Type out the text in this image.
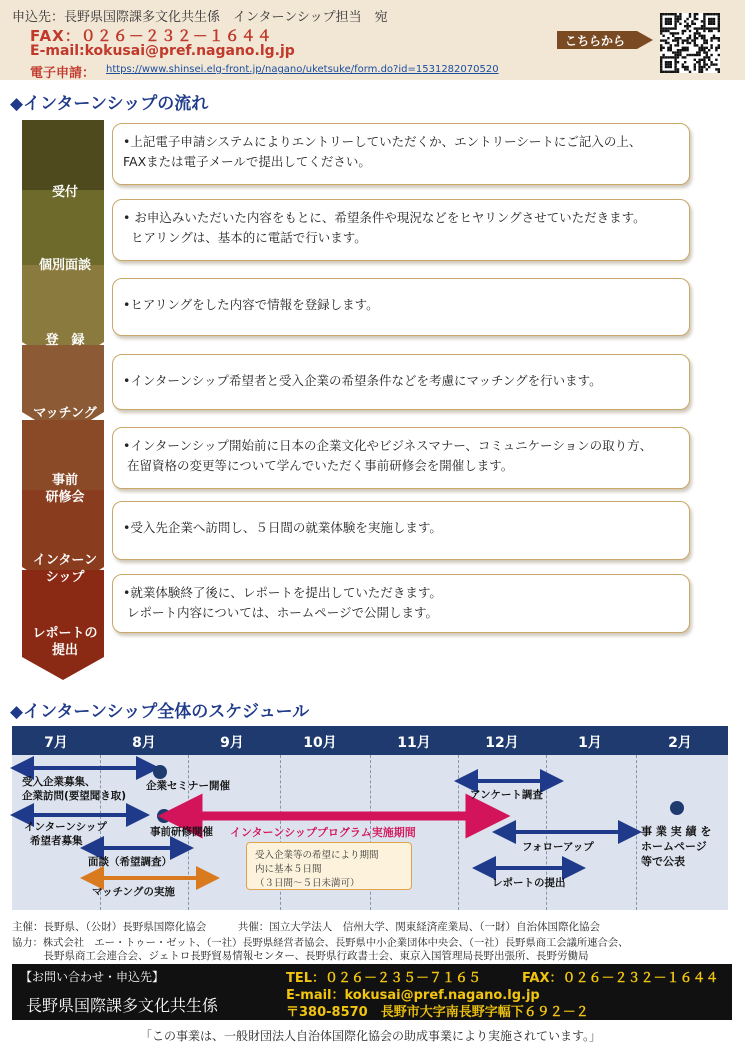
申込先：長野県国際課多文化共生係　インターンシップ担当　宛
FAX：０２６－２３２－１６４４
E-mail:kokusai@pref.nagano.lg.jp
電子申請： https://www.shinsei.elg-front.jp/nagano/uketsuke/form.do?id=1531282070520
こちらから
◆インターンシップの流れ
受付
個別面談
登　録
マッチング
事前
研修会
インターン
シップ
レポートの
提出
•上記電子申請システムによりエントリーしていただくか、エントリーシートにご記入の上、
FAXまたは電子メールで提出してください。
• お申込みいただいた内容をもとに、希望条件や現況などをヒヤリングさせていただきます。
ヒアリングは、基本的に電話で行います。
•ヒアリングをした内容で情報を登録します。
•インターンシップ希望者と受入企業の希望条件などを考慮にマッチングを行います。
•インターンシップ開始前に日本の企業文化やビジネスマナー、コミュニケーションの取り方、
在留資格の変更等について学んでいただく事前研修会を開催します。
•受入先企業へ訪問し、５日間の就業体験を実施します。
•就業体験終了後に、レポートを提出していただきます。
レポート内容については、ホームページで公開します。
◆インターンシップ全体のスケジュール
7月	8月	9月	10月	11月	12月	1月	2月
受入企業募集、
企業訪問(要望聞き取)
企業セミナー開催
インターンシップ
希望者募集
事前研修開催
面談（希望調査）
マッチングの実施
インターンシッププログラム実施期間
受入企業等の希望により期間
内に基本５日間
（３日間～５日未満可）
アンケート調査
フォローアップ
レポートの提出
事 業 実 績 を
ホームページ
等で公表
主催：長野県、（公財）長野県国際化協会　　　共催：国立大学法人　信州大学、関東経済産業局、（一財）自治体国際化協会
協力：株式会社　エー・トゥー・ゼット、（一社）長野県経営者協会、長野県中小企業団体中央会、（一社）長野県商工会議所連合会、
　　　長野県商工会連合会、ジェトロ長野貿易情報センター、長野県行政書士会、東京入国管理局長野出張所、長野労働局
【お問い合わせ・申込先】
長野県国際課多文化共生係
TEL：０２６－２３５－７１６５	FAX：０２６－２３２－１６４４
E-mail：kokusai@pref.nagano.lg.jp
〒380-8570　長野市大字南長野字幅下６９２－２
「この事業は、一般財団法人自治体国際化協会の助成事業により実施されています。」
